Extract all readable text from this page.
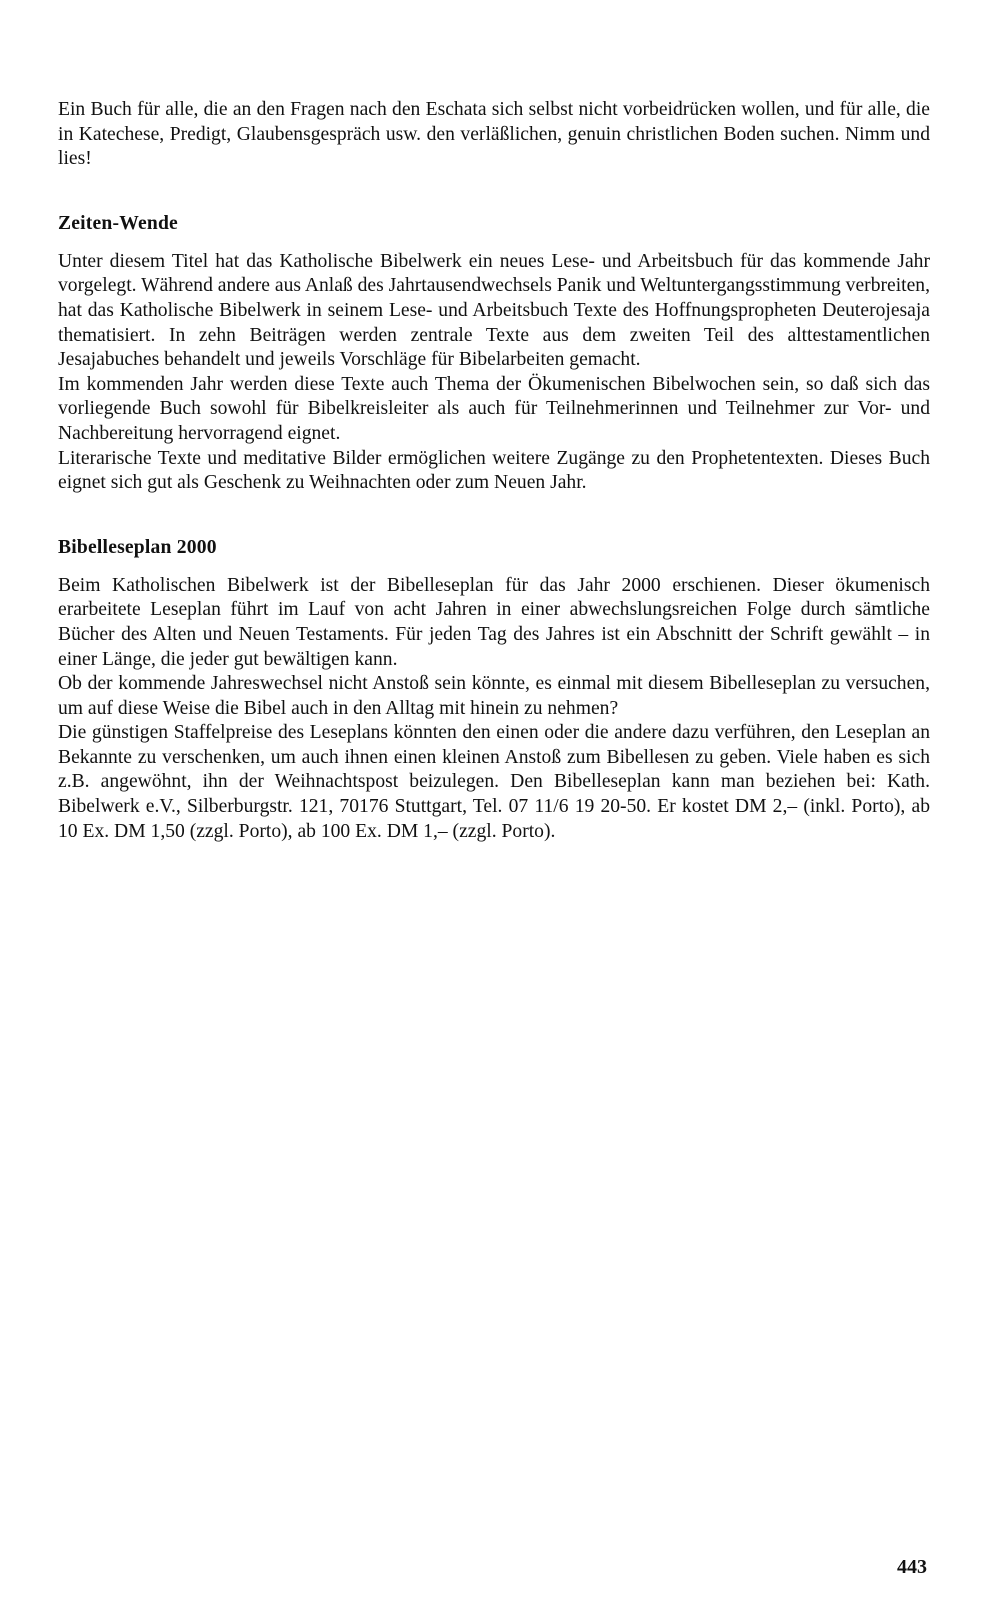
Ein Buch für alle, die an den Fragen nach den Eschata sich selbst nicht vorbeidrücken wollen, und für alle, die in Katechese, Predigt, Glaubensgespräch usw. den verläßlichen, genuin christlichen Boden suchen. Nimm und lies!

Zeiten-Wende

Unter diesem Titel hat das Katholische Bibelwerk ein neues Lese- und Arbeitsbuch für das kommende Jahr vorgelegt. Während andere aus Anlaß des Jahrtausendwechsels Panik und Weltuntergangsstimmung verbreiten, hat das Katholische Bibelwerk in seinem Lese- und Arbeitsbuch Texte des Hoffnungspropheten Deuterojesaja thematisiert. In zehn Beiträgen werden zentrale Texte aus dem zweiten Teil des alttestamentlichen Jesajabuches behandelt und jeweils Vorschläge für Bibelarbeiten gemacht.

Im kommenden Jahr werden diese Texte auch Thema der Ökumenischen Bibelwochen sein, so daß sich das vorliegende Buch sowohl für Bibelkreisleiter als auch für Teilnehmerinnen und Teilnehmer zur Vor- und Nachbereitung hervorragend eignet.

Literarische Texte und meditative Bilder ermöglichen weitere Zugänge zu den Prophetentexten. Dieses Buch eignet sich gut als Geschenk zu Weihnachten oder zum Neuen Jahr.

Bibelleseplan 2000

Beim Katholischen Bibelwerk ist der Bibelleseplan für das Jahr 2000 erschienen. Dieser ökumenisch erarbeitete Leseplan führt im Lauf von acht Jahren in einer abwechslungsreichen Folge durch sämtliche Bücher des Alten und Neuen Testaments. Für jeden Tag des Jahres ist ein Abschnitt der Schrift gewählt – in einer Länge, die jeder gut bewältigen kann.

Ob der kommende Jahreswechsel nicht Anstoß sein könnte, es einmal mit diesem Bibelleseplan zu versuchen, um auf diese Weise die Bibel auch in den Alltag mit hinein zu nehmen?

Die günstigen Staffelpreise des Leseplans könnten den einen oder die andere dazu verführen, den Leseplan an Bekannte zu verschenken, um auch ihnen einen kleinen Anstoß zum Bibellesen zu geben. Viele haben es sich z.B. angewöhnt, ihn der Weihnachtspost beizulegen. Den Bibelleseplan kann man beziehen bei: Kath. Bibelwerk e.V., Silberburgstr. 121, 70176 Stuttgart, Tel. 07 11/6 19 20-50. Er kostet DM 2,– (inkl. Porto), ab 10 Ex. DM 1,50 (zzgl. Porto), ab 100 Ex. DM 1,– (zzgl. Porto).

443
